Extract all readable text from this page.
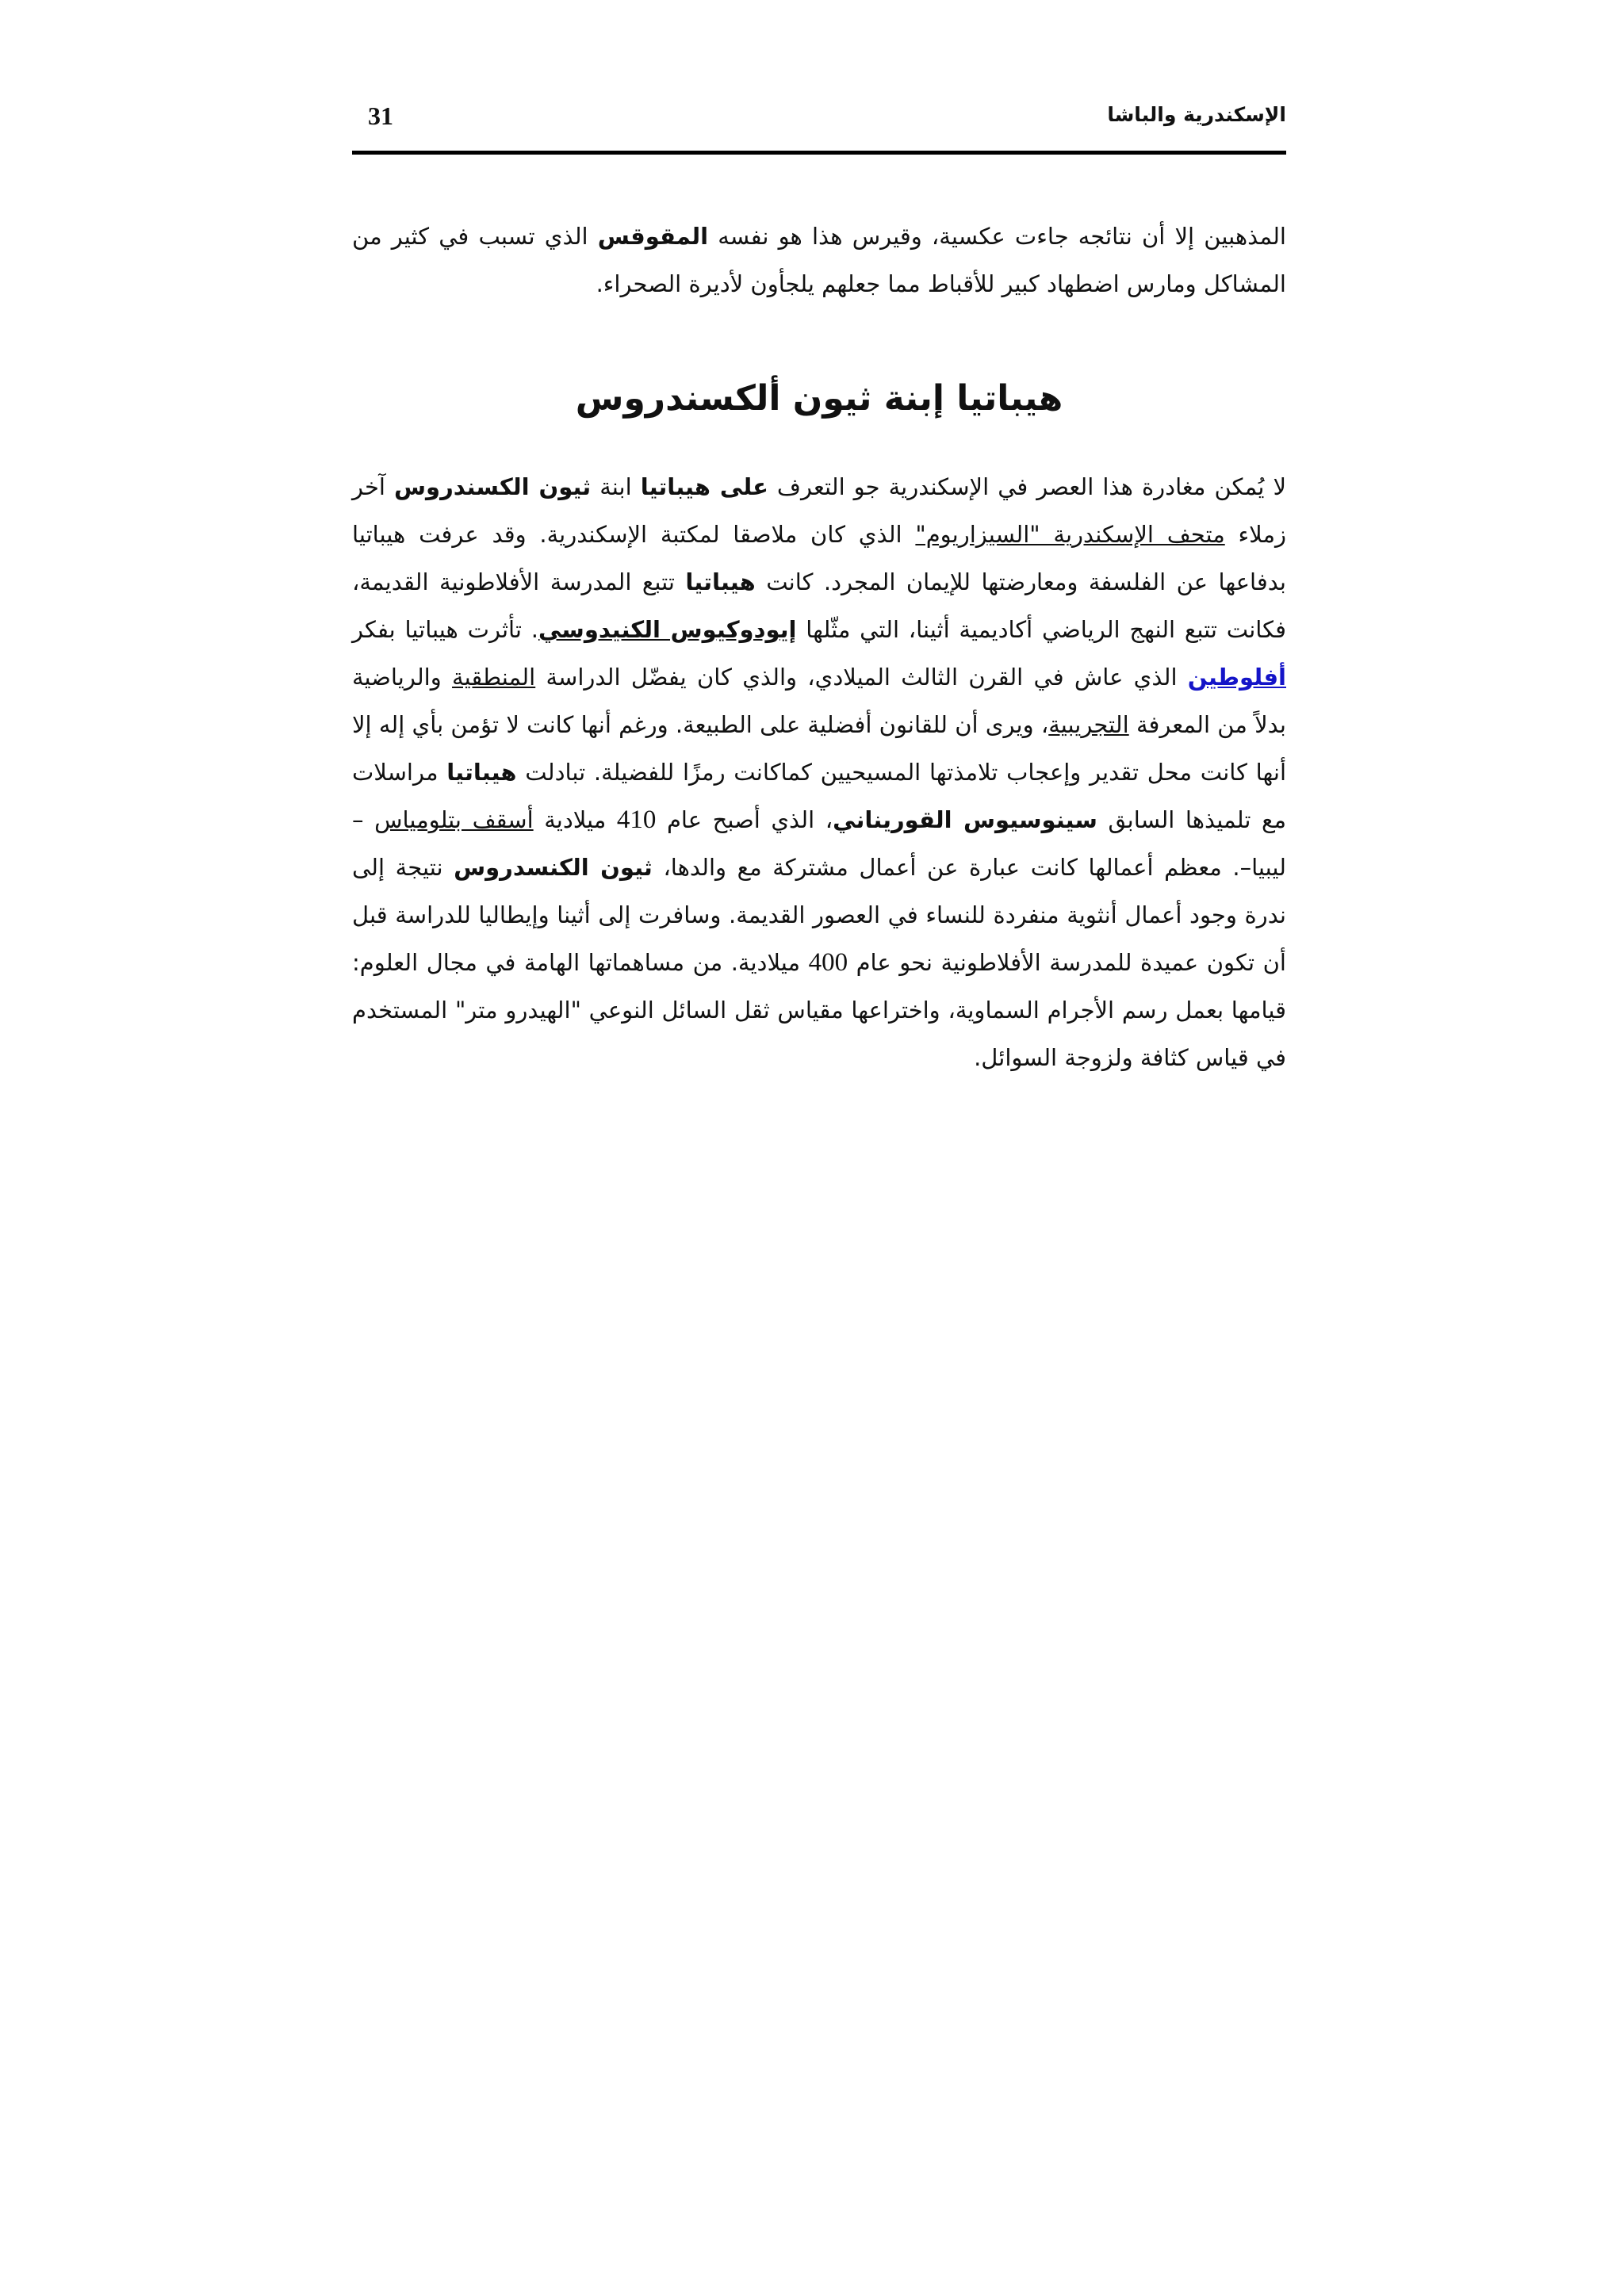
الإسكندرية والباشا
31

المذهبين إلا أن نتائجه جاءت عكسية، وقيرس هذا هو نفسه المقوقس الذي تسبب في كثير من المشاكل ومارس اضطهاد كبير للأقباط مما جعلهم يلجأون لأديرة الصحراء.

هيباتيا إبنة ثيون ألكسندروس

لا يُمكن مغادرة هذا العصر في الإسكندرية جو التعرف على هيباتيا ابنة ثيون الكسندروس آخر زملاء متحف الإسكندرية "السيزاريوم" الذي كان ملاصقا لمكتبة الإسكندرية. وقد عرفت هيباتيا بدفاعها عن الفلسفة ومعارضتها للإيمان المجرد. كانت هيباتيا تتبع المدرسة الأفلاطونية القديمة، فكانت تتبع النهج الرياضي أكاديمية أثينا، التي مثّلها إيودوكيوس الكنيدوسي. تأثرت هيباتيا بفكر أفلوطين الذي عاش في القرن الثالث الميلادي، والذي كان يفضّل الدراسة المنطقية والرياضية بدلاً من المعرفة التجريبية، ويرى أن للقانون أفضلية على الطبيعة. ورغم أنها كانت لا تؤمن بأي إله إلا أنها كانت محل تقدير وإعجاب تلامذتها المسيحيين كماكانت رمزًا للفضيلة. تبادلت هيباتيا مراسلات مع تلميذها السابق سينوسيوس القوريناني، الذي أصبح عام 410 ميلادية أسقف بتلومياس –ليبيا–. معظم أعمالها كانت عبارة عن أعمال مشتركة مع والدها، ثيون الكنسدروس نتيجة إلى ندرة وجود أعمال أنثوية منفردة للنساء في العصور القديمة. وسافرت إلى أثينا وإيطاليا للدراسة قبل أن تكون عميدة للمدرسة الأفلاطونية نحو عام 400 ميلادية. من مساهماتها الهامة في مجال العلوم: قيامها بعمل رسم الأجرام السماوية، واختراعها مقياس ثقل السائل النوعي "الهيدرو متر" المستخدم في قياس كثافة ولزوجة السوائل.
